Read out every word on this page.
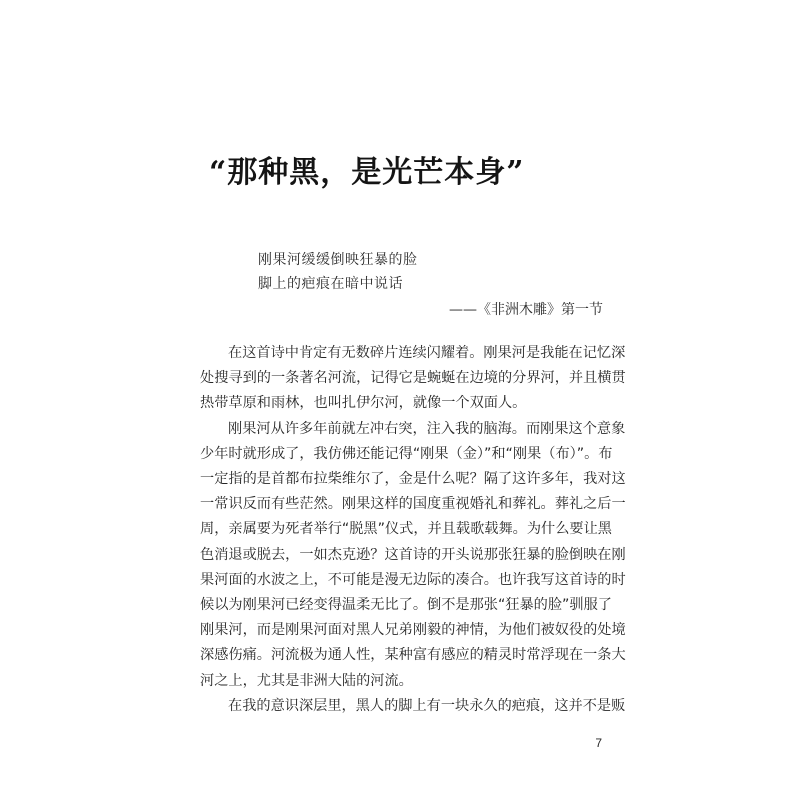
“那种黑，是光芒本身”
刚果河缓缓倒映狂暴的脸
脚上的疤痕在暗中说话
——《非洲木雕》第一节

在这首诗中肯定有无数碎片连续闪耀着。刚果河是我能在记忆深
处搜寻到的一条著名河流，记得它是蜿蜒在边境的分界河，并且横贯
热带草原和雨林，也叫扎伊尔河，就像一个双面人。

刚果河从许多年前就左冲右突，注入我的脑海。而刚果这个意象
少年时就形成了，我仿佛还能记得“刚果（金）”和“刚果（布）”。布
一定指的是首都布拉柴维尔了，金是什么呢？隔了这许多年，我对这
一常识反而有些茫然。刚果这样的国度重视婚礼和葬礼。葬礼之后一
周，亲属要为死者举行“脱黑”仪式，并且载歌载舞。为什么要让黑
色消退或脱去，一如杰克逊？这首诗的开头说那张狂暴的脸倒映在刚
果河面的水波之上，不可能是漫无边际的凑合。也许我写这首诗的时
候以为刚果河已经变得温柔无比了。倒不是那张“狂暴的脸”驯服了
刚果河，而是刚果河面对黑人兄弟刚毅的神情，为他们被奴役的处境
深感伤痛。河流极为通人性，某种富有感应的精灵时常浮现在一条大
河之上，尤其是非洲大陆的河流。

在我的意识深层里，黑人的脚上有一块永久的疤痕，这并不是贩

7
